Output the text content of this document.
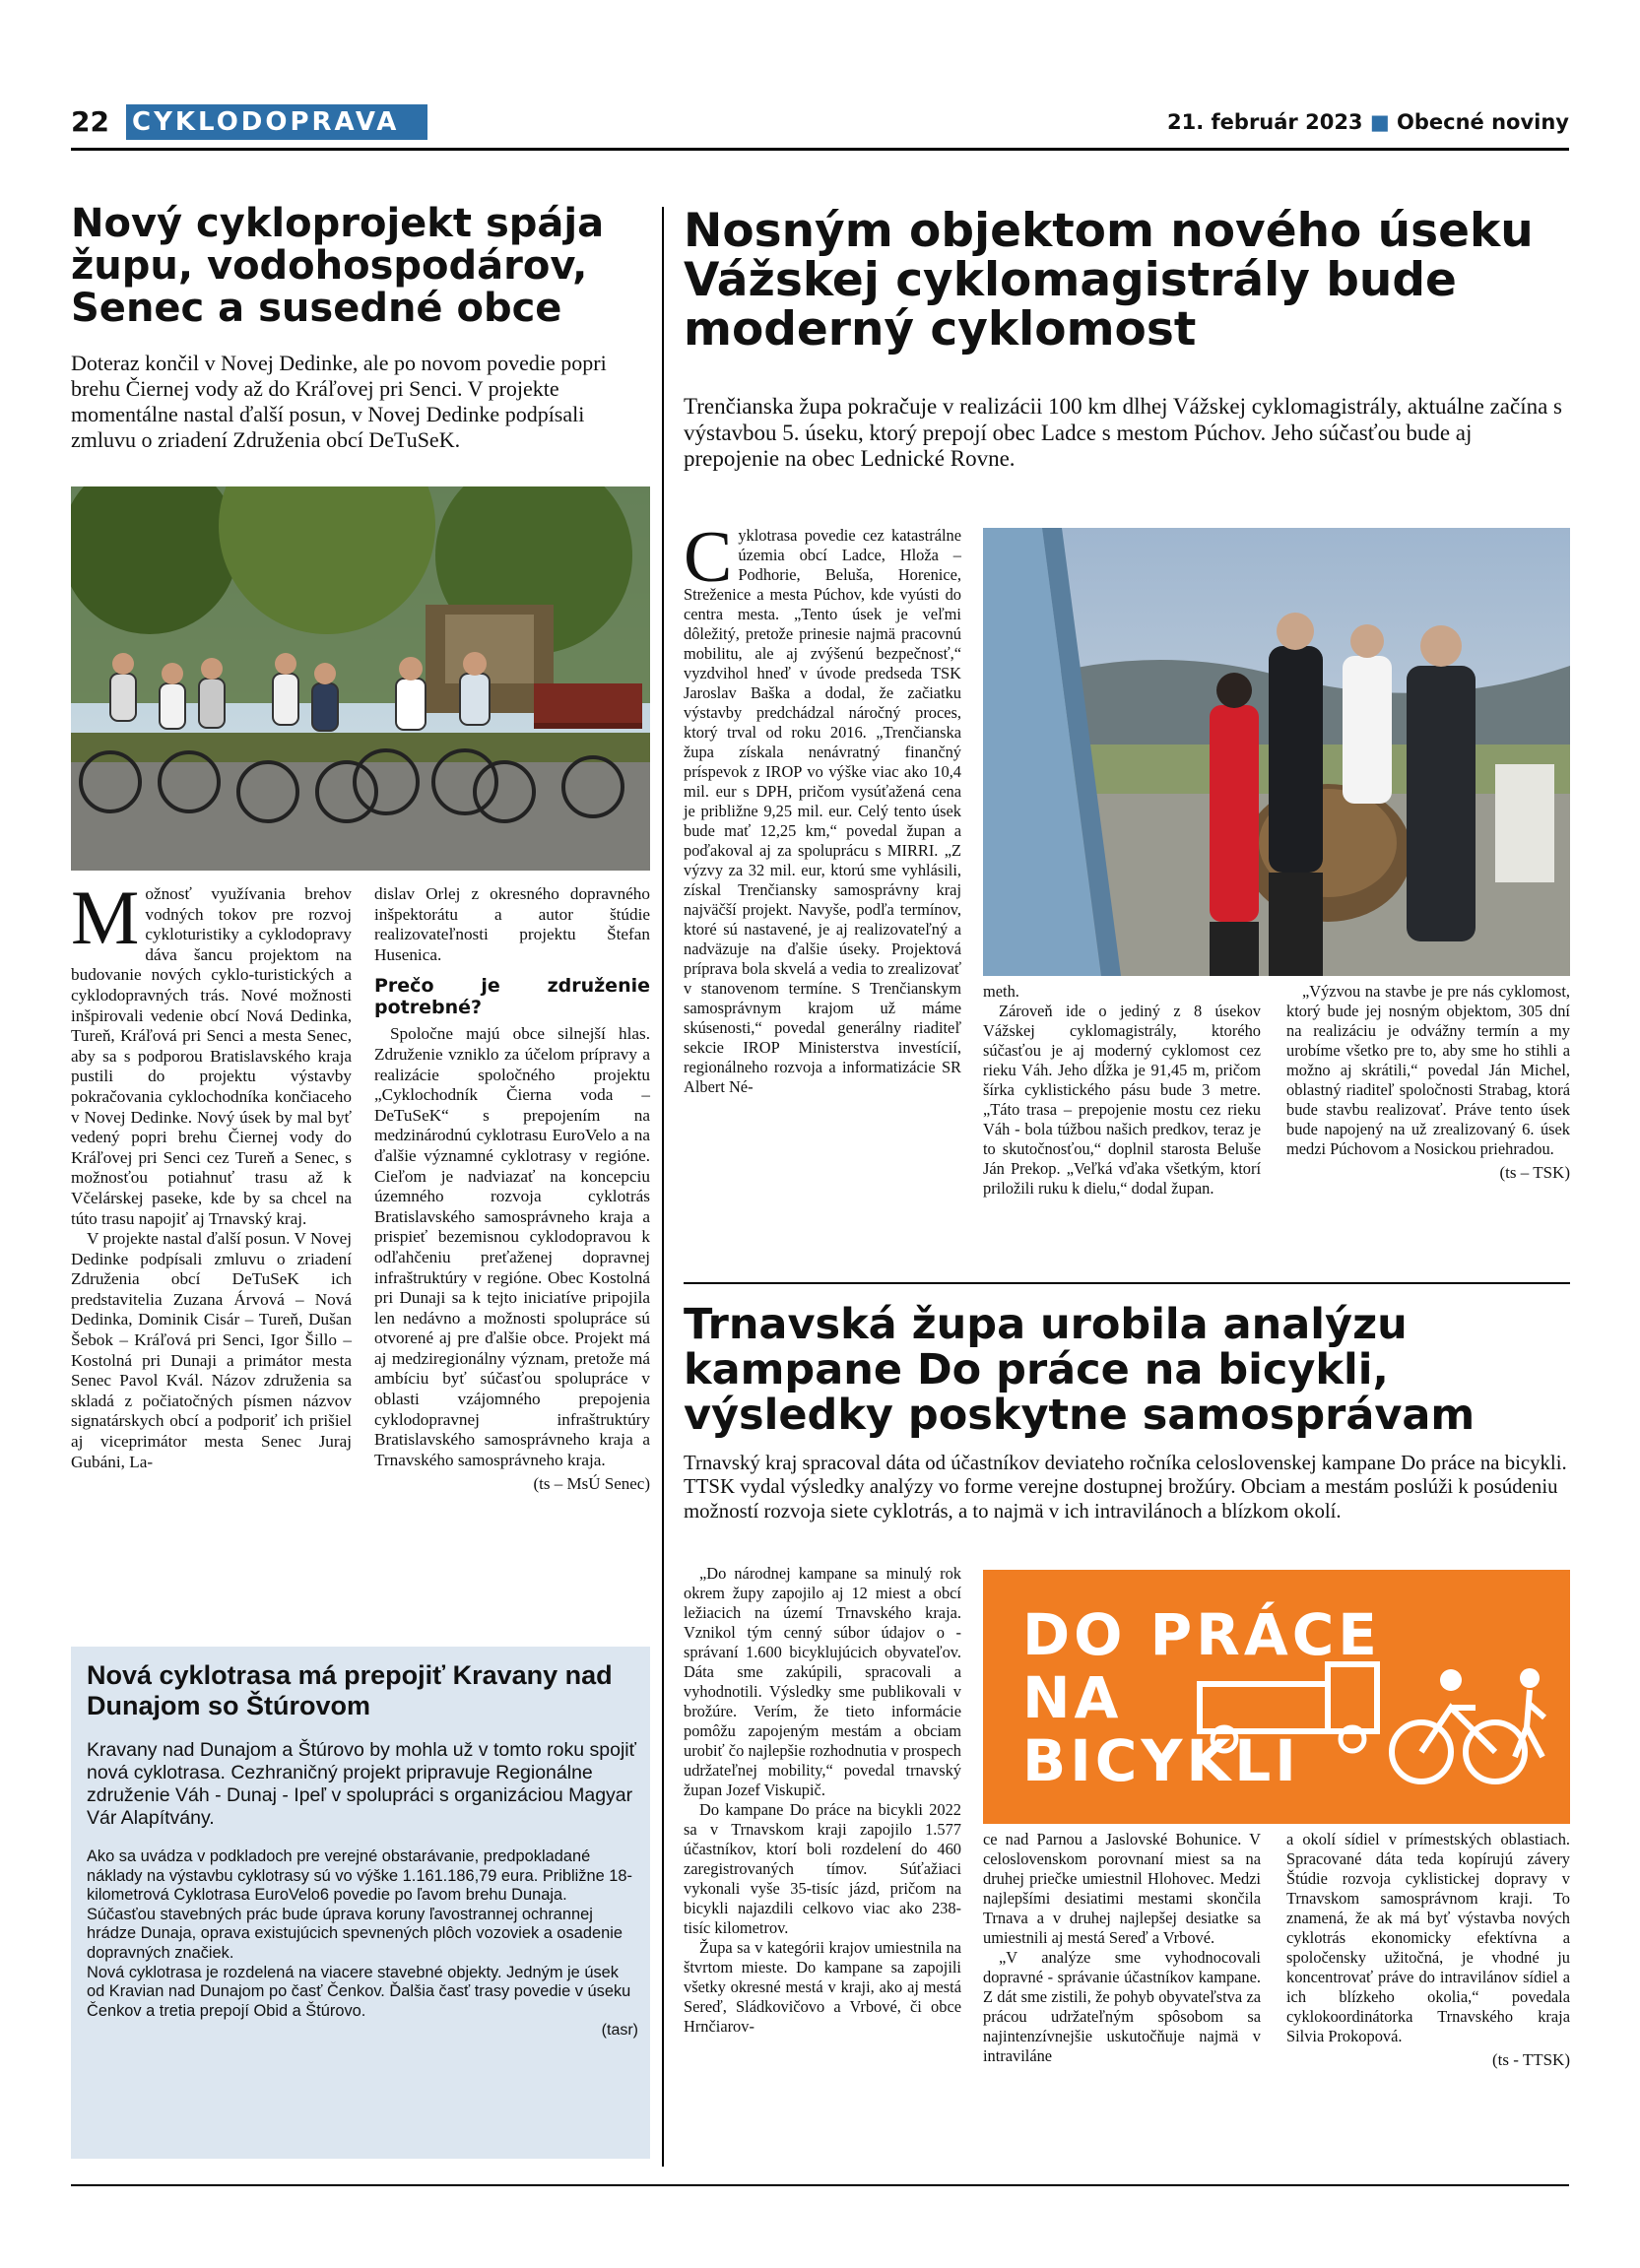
22 CYKLODOPRAVA	21. február 2023 ■ Obecné noviny
Nový cykloprojekt spája župu, vodohospodárov, Senec a susedné obce
Doteraz končil v Novej Dedinke, ale po novom povedie popri brehu Čiernej vody až do Kráľovej pri Senci. V projekte momentálne nastal ďalší posun, v Novej Dedinke podpísali zmluvu o zriadení Združenia obcí DeTuSeK.

Možnosť využívania brehov vodných tokov pre rozvoj cykloturistiky a cyklodopravy dáva šancu projektom na budovanie nových cyklo-turistických a cyklodopravných trás. Nové možnosti inšpirovali vedenie obcí Nová Dedinka, Tureň, Kráľová pri Senci a mesta Senec, aby sa s podporou Bratislavského kraja pustili do projektu výstavby pokračovania cyklochodníka končiaceho v Novej Dedinke. Nový úsek by mal byť vedený popri brehu Čiernej vody do Kráľovej pri Senci cez Tureň a Senec, s možnosťou potiahnuť trasu až k Včelárskej paseke, kde by sa chcel na túto trasu napojiť aj Trnavský kraj.

V projekte nastal ďalší posun. V Novej Dedinke podpísali zmluvu o zriadení Združenia obcí DeTuSeK ich predstavitelia Zuzana Árvová – Nová Dedinka, Dominik Cisár – Tureň, Dušan Šebok – Kráľová pri Senci, Igor Šillo – Kostolná pri Dunaji a primátor mesta Senec Pavol Kvál. Názov združenia sa skladá z počiatočných písmen názvov signatárskych obcí a podporiť ich prišiel aj viceprimátor mesta Senec Juraj Gubáni, La-

dislav Orlej z okresného dopravného inšpektorátu a autor štúdie realizovateľnosti projektu Štefan Husenica.

Prečo je združenie potrebné?

Spoločne majú obce silnejší hlas. Združenie vzniklo za účelom prípravy a realizácie spoločného projektu „Cyklochodník Čierna voda – DeTuSeK“ s prepojením na medzinárodnú cyklotrasu EuroVelo a na ďalšie významné cyklotrasy v regióne. Cieľom je nadviazať na koncepciu územného rozvoja cyklotrás Bratislavského samosprávneho kraja a prispieť bezemisnou cyklodopravou k odľahčeniu preťaženej dopravnej infraštruktúry v regióne. Obec Kostolná pri Dunaji sa k tejto iniciatíve pripojila len nedávno a možnosti spolupráce sú otvorené aj pre ďalšie obce. Projekt má aj medziregionálny význam, pretože má ambíciu byť súčasťou spolupráce v oblasti vzájomného prepojenia cyklodopravnej infraštruktúry Bratislavského samosprávneho kraja a Trnavského samosprávneho kraja.

(ts – MsÚ Senec)
Nová cyklotrasa má prepojiť Kravany nad Dunajom so Štúrovom
Kravany nad Dunajom a Štúrovo by mohla už v tomto roku spojiť nová cyklotrasa. Cezhraničný projekt pripravuje Regionálne združenie Váh - Dunaj - Ipeľ v spolupráci s organizáciou Magyar Vár Alapítvány.

Ako sa uvádza v podkladoch pre verejné obstarávanie, predpokladané náklady na výstavbu cyklotrasy sú vo výške 1.161.186,79 eura. Približne 18-kilometrová Cyklotrasa EuroVelo6 povedie po ľavom brehu Dunaja. Súčasťou stavebných prác bude úprava koruny ľavostrannej ochrannej hrádze Dunaja, oprava existujúcich spevnených plôch vozoviek a osadenie dopravných značiek.

Nová cyklotrasa je rozdelená na viacere stavebné objekty. Jedným je úsek od Kravian nad Dunajom po časť Čenkov. Ďalšia časť trasy povedie v úseku Čenkov a tretia prepojí Obid a Štúrovo.

(tasr)
Nosným objektom nového úseku Vážskej cyklomagistrály bude moderný cyklomost
Trenčianska župa pokračuje v realizácii 100 km dlhej Vážskej cyklomagistrály, aktuálne začína s výstavbou 5. úseku, ktorý prepojí obec Ladce s mestom Púchov. Jeho súčasťou bude aj prepojenie na obec Lednické Rovne.

Cyklotrasa povedie cez katastrálne územia obcí Ladce, Hloža – Podhorie, Beluša, Horenice, Streženice a mesta Púchov, kde vyústi do centra mesta. „Tento úsek je veľmi dôležitý, pretože prinesie najmä pracovnú mobilitu, ale aj zvýšenú bezpečnosť,“ vyzdvihol hneď v úvode predseda TSK Jaroslav Baška a dodal, že začiatku výstavby predchádzal náročný proces, ktorý trval od roku 2016. „Trenčianska župa získala nenávratný finančný príspevok z IROP vo výške viac ako 10,4 mil. eur s DPH, pričom vysúťažená cena je približne 9,25 mil. eur. Celý tento úsek bude mať 12,25 km,“ povedal župan a poďakoval aj za spoluprácu s MIRRI. „Z výzvy za 32 mil. eur, ktorú sme vyhlásili, získal Trenčiansky samosprávny kraj najväčší projekt. Navyše, podľa termínov, ktoré sú nastavené, je aj realizovateľný a nadväzuje na ďalšie úseky. Projektová príprava bola skvelá a vedia to zrealizovať v stanovenom termíne. S Trenčianskym samosprávnym krajom už máme skúsenosti,“ povedal generálny riaditeľ sekcie IROP Ministerstva investícií, regionálneho rozvoja a informatizácie SR Albert Né-

meth.

Zároveň ide o jediný z 8 úsekov Vážskej cyklomagistrály, ktorého súčasťou je aj moderný cyklomost cez rieku Váh. Jeho dĺžka je 91,45 m, pričom šírka cyklistického pásu bude 3 metre. „Táto trasa – prepojenie mostu cez rieku Váh - bola túžbou našich predkov, teraz je to skutočnosťou,“ doplnil starosta Beluše Ján Prekop. „Veľká vďaka všetkým, ktorí priložili ruku k dielu,“ dodal župan.

„Výzvou na stavbe je pre nás cyklomost, ktorý bude jej nosným objektom, 305 dní na realizáciu je odvážny termín a my urobíme všetko pre to, aby sme ho stihli a možno aj skrátili,“ povedal Ján Michel, oblastný riaditeľ spoločnosti Strabag, ktorá bude stavbu realizovať. Práve tento úsek bude napojený na už zrealizovaný 6. úsek medzi Púchovom a Nosickou priehradou.

(ts – TSK)
Trnavská župa urobila analýzu kampane Do práce na bicykli, výsledky poskytne samosprávam
Trnavský kraj spracoval dáta od účastníkov deviateho ročníka celoslovenskej kampane Do práce na bicykli. TTSK vydal výsledky analýzy vo forme verejne dostupnej brožúry. Obciam a mestám poslúži k posúdeniu možností rozvoja siete cyklotrás, a to najmä v ich intravilánoch a blízkom okolí.

„Do národnej kampane sa minulý rok okrem župy zapojilo aj 12 miest a obcí ležiacich na území Trnavského kraja. Vznikol tým cenný súbor údajov o - správaní 1.600 bicyklujúcich obyvateľov. Dáta sme zakúpili, spracovali a vyhodnotili. Výsledky sme publikovali v brožúre. Verím, že tieto informácie pomôžu zapojeným mestám a obciam urobiť čo najlepšie rozhodnutia v prospech udržateľnej mobility,“ povedal trnavský župan Jozef Viskupič.

Do kampane Do práce na bicykli 2022 sa v Trnavskom kraji zapojilo 1.577 účastníkov, ktorí boli rozdelení do 460 zaregistrovaných tímov. Súťažiaci vykonali vyše 35-tisíc jázd, pričom na bicykli najazdili celkovo viac ako 238-tisíc kilometrov.

Župa sa v kategórii krajov umiestnila na štvrtom mieste. Do kampane sa zapojili všetky okresné mestá v kraji, ako aj mestá Sereď, Sládkovičovo a Vrbové, či obce Hrnčiarov-

DO PRÁCE
NA
BICYKLI

ce nad Parnou a Jaslovské Bohunice. V celoslovenskom porovnaní miest sa na druhej priečke umiestnil Hlohovec. Medzi najlepšími desiatimi mestami skončila Trnava a v druhej najlepšej desiatke sa umiestnili aj mestá Sereď a Vrbové.

„V analýze sme vyhodnocovali dopravné - správanie účastníkov kampane. Z dát sme zistili, že pohyb obyvateľstva za prácou udržateľným spôsobom sa najintenzívnejšie uskutočňuje najmä v intraviláne

a okolí sídiel v prímestských oblastiach. Spracované dáta teda kopírujú závery Štúdie rozvoja cyklistickej dopravy v Trnavskom samosprávnom kraji. To znamená, že ak má byť výstavba nových cyklotrás ekonomicky efektívna a spoločensky užitočná, je vhodné ju koncentrovať práve do intravilánov sídiel a ich blízkeho okolia,“ povedala cyklokoordinátorka Trnavského kraja Silvia Prokopová.

(ts - TTSK)
